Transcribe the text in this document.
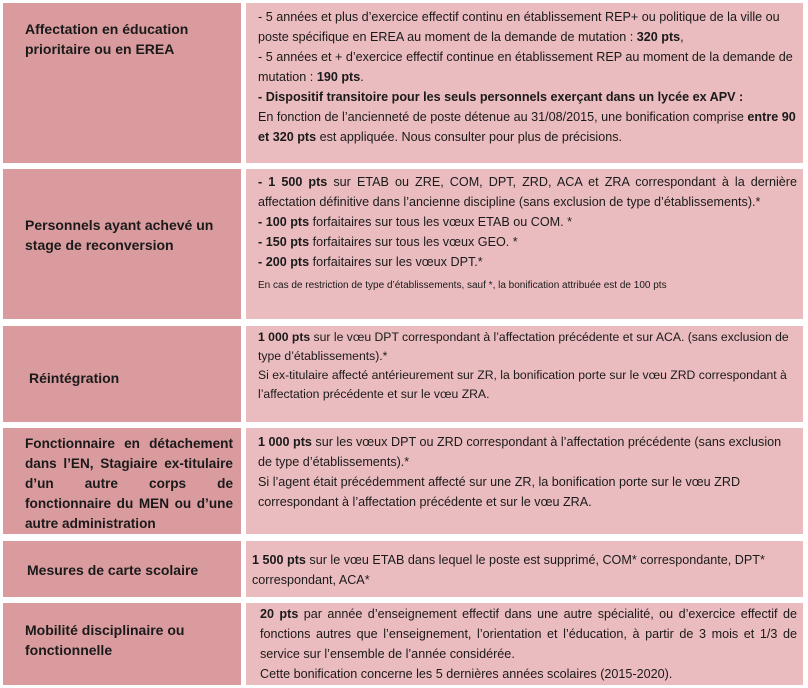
Affectation en éducation prioritaire ou en EREA

- 5 années et plus d’exercice effectif continu en établissement REP+ ou politique de la ville ou poste spécifique en EREA au moment de la demande de mutation : 320 pts,

- 5 années et + d’exercice effectif continue en établissement REP au moment de la demande de mutation : 190 pts.

- Dispositif transitoire pour les seuls personnels exerçant dans un lycée ex APV :

En fonction de l’ancienneté de poste détenue au 31/08/2015, une bonification comprise entre 90 et 320 pts est appliquée. Nous consulter pour plus de précisions.

Personnels ayant achevé un stage de reconversion

- 1 500 pts sur ETAB ou ZRE, COM, DPT, ZRD, ACA et ZRA correspondant à la dernière affectation définitive dans l’ancienne discipline (sans exclusion de type d’établissements).*

- 100 pts forfaitaires sur tous les vœux ETAB ou COM. *

- 150 pts forfaitaires sur tous les vœux GEO. *

- 200 pts forfaitaires sur les vœux DPT.*

En cas de restriction de type d’établissements, sauf *, la bonification attribuée est de 100 pts

Réintégration

1 000 pts sur le vœu DPT correspondant à l’affectation précédente et sur ACA. (sans exclusion de type d’établissements).*

Si ex-titulaire affecté antérieurement sur ZR, la bonification porte sur le vœu ZRD correspondant à l’affectation précédente et sur le vœu ZRA.

Fonctionnaire en détachement dans l’EN, Stagiaire ex-titulaire d’un autre corps de fonctionnaire du MEN ou d’une autre administration

1 000 pts sur les vœux DPT ou ZRD correspondant à l’affectation précédente (sans exclusion de type d’établissements).*

Si l’agent était précédemment affecté sur une ZR, la bonification porte sur le vœu ZRD correspondant à l’affectation précédente et sur le vœu ZRA.

Mesures de carte scolaire

1 500 pts sur le vœu ETAB dans lequel le poste est supprimé, COM* correspondante, DPT* correspondant, ACA*

Mobilité disciplinaire ou fonctionnelle

20 pts par année d’enseignement effectif dans une autre spécialité, ou d’exercice effectif de fonctions autres que l’enseignement, l’orientation et l’éducation, à partir de 3 mois et 1/3 de service sur l’ensemble de l’année considérée.

Cette bonification concerne les 5 dernières années scolaires (2015-2020).
